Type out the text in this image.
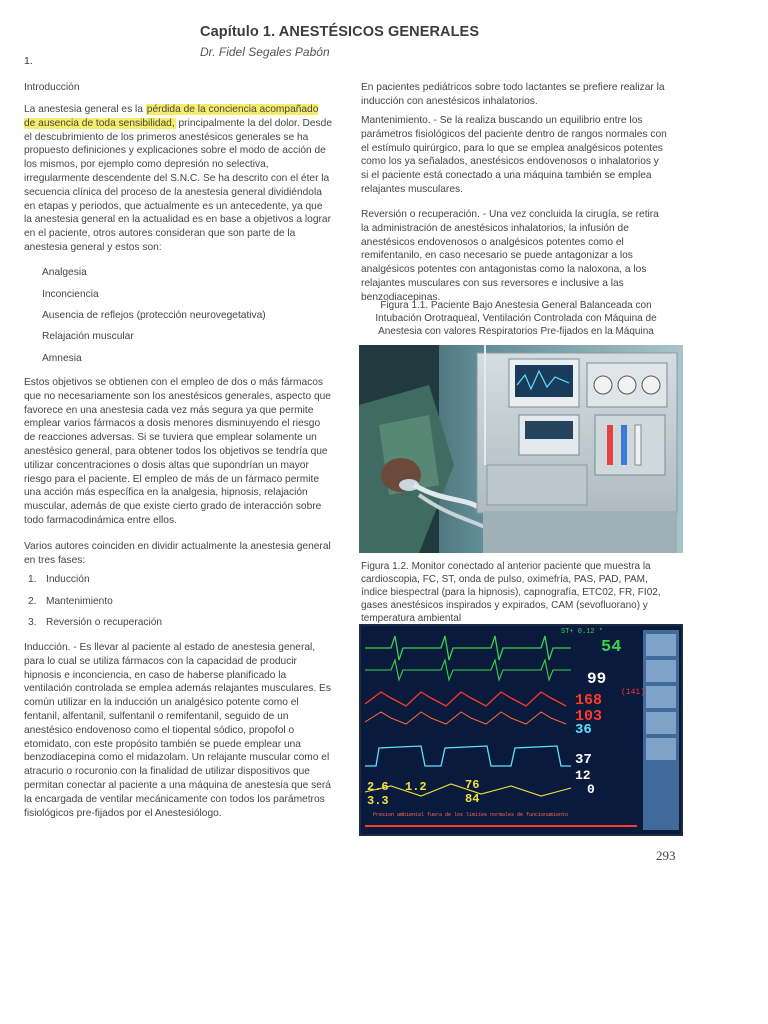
Capítulo 1. ANESTÉSICOS GENERALES
Dr. Fidel Segales Pabón
1.
Introducción

La anestesia general es la pérdida de la conciencia acompañado de ausencia de toda sensibilidad, principalmente la del dolor. Desde el descubrimiento de los primeros anestésicos generales se ha propuesto definiciones y explicaciones sobre el modo de acción de los mismos, por ejemplo como depresión no selectiva, irregularmente descendente del S.N.C. Se ha descrito con el éter la secuencia clínica del proceso de la anestesia general dividiéndola en etapas y periodos, que actualmente es un antecedente, ya que la anestesia general en la actualidad es en base a objetivos a lograr en el paciente, otros autores consideran que son parte de la anestesia general y estos son:

Analgesia
Inconciencia
Ausencia de reflejos (protección neurovegetativa)
Relajación muscular
Amnesia

Estos objetivos se obtienen con el empleo de dos o más fármacos que no necesariamente son los anestésicos generales, aspecto que favorece en una anestesia cada vez más segura ya que permite emplear varios fármacos a dosis menores disminuyendo el riesgo de reacciones adversas. Si se tuviera que emplear solamente un anestésico general, para obtener todos los objetivos se tendría que utilizar concentraciones o dosis altas que supondrían un mayor riesgo para el paciente. El empleo de más de un fármaco permite una acción más específica en la analgesia, hipnosis, relajación muscular, además de que existe cierto grado de interacción sobre todo farmacodinámica entre ellos.

Varios autores coinciden en dividir actualmente la anestesia general en tres fases:

1. Inducción
2. Mantenimiento
3. Reversión o recuperación

Inducción. - Es llevar al paciente al estado de anestesia general, para lo cual se utiliza fármacos con la capacidad de producir hipnosis e inconciencia, en caso de haberse planificado la ventilación controlada se emplea además relajantes musculares. Es común utilizar en la inducción un analgésico potente como el fentanil, alfentanil, sulfentanil o remifentanil, seguido de un anestésico endovenoso como el tiopental sódico, propofol o etomidato, con este propósito también se puede emplear una benzodiacepina como el midazolam. Un relajante muscular como el atracurio o rocuronio con la finalidad de utilizar dispositivos que permitan conectar al paciente a una máquina de anestesia que será la encargada de ventilar mecánicamente con todos los parámetros fisiológicos pre-fijados por el Anestesiólogo.

En pacientes pediátricos sobre todo lactantes se prefiere realizar la inducción con anestésicos inhalatorios.

Mantenimiento. - Se la realiza buscando un equilibrio entre los parámetros fisiológicos del paciente dentro de rangos normales con el estímulo quirúrgico, para lo que se emplea analgésicos potentes como los ya señalados, anestésicos endovenosos o inhalatorios y si el paciente está conectado a una máquina también se emplea relajantes musculares.

Reversión o recuperación. - Una vez concluida la cirugía, se retira la administración de anestésicos inhalatorios, la infusión de anestésicos endovenosos o analgésicos potentes como el remifentanilo, en caso necesario se puede antagonizar a los analgésicos potentes con antagonistas como la naloxona, a los relajantes musculares con sus reversores e inclusive a las benzodiacepinas.

Figura 1.1. Paciente Bajo Anestesia General Balanceada con Intubación Orotraqueal, Ventilación Controlada con Máquina de Anestesia con valores Respiratorios Pre-fijados en la Máquina

Figura 1.2. Monitor conectado al anterior paciente que muestra la cardioscopia, FC, ST, onda de pulso, oximefría, PAS, PAD, PAM, índice biespectral (para la hipnosis), capnografía, ETC02, FR, FI02, gases anestésicos inspirados y expirados, CAM (sevofluorano) y temperatura ambiental

ST+ 0.12 *
54
99
(141)
168
103
36
37
12
0
2.6 1.2
3.3
76
84
Presion ambiental fuera de los limites normales de funcionamiento
293
